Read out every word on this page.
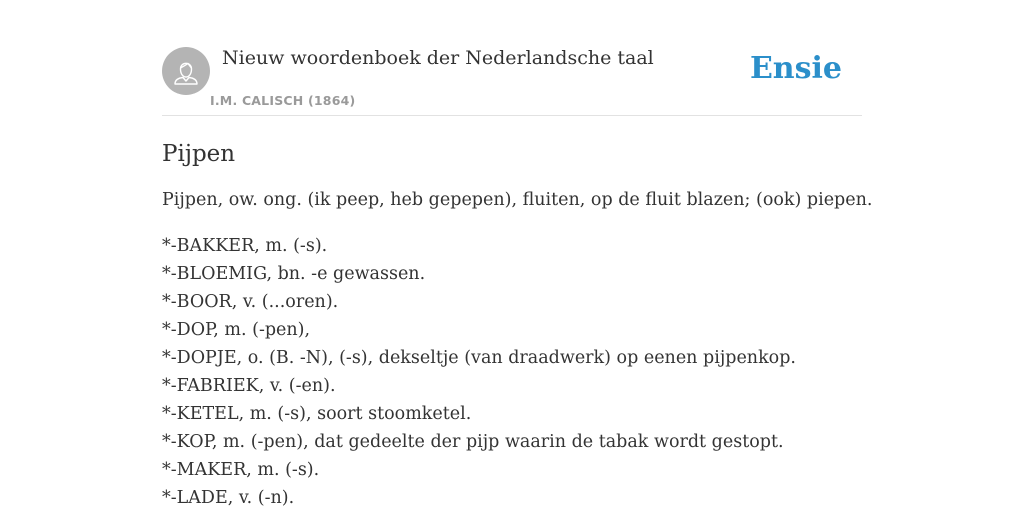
Nieuw woordenboek der Nederlandsche taal
I.M. CALISCH (1864)
Ensie
Pijpen

Pijpen, ow. ong. (ik peep, heb gepepen), fluiten, op de fluit blazen; (ook) piepen.

*-BAKKER, m. (-s).
*-BLOEMIG, bn. -e gewassen.
*-BOOR, v. (...oren).
*-DOP, m. (-pen),
*-DOPJE, o. (B. -N), (-s), dekseltje (van draadwerk) op eenen pijpenkop.
*-FABRIEK, v. (-en).
*-KETEL, m. (-s), soort stoomketel.
*-KOP, m. (-pen), dat gedeelte der pijp waarin de tabak wordt gestopt.
*-MAKER, m. (-s).
*-LADE, v. (-n).
